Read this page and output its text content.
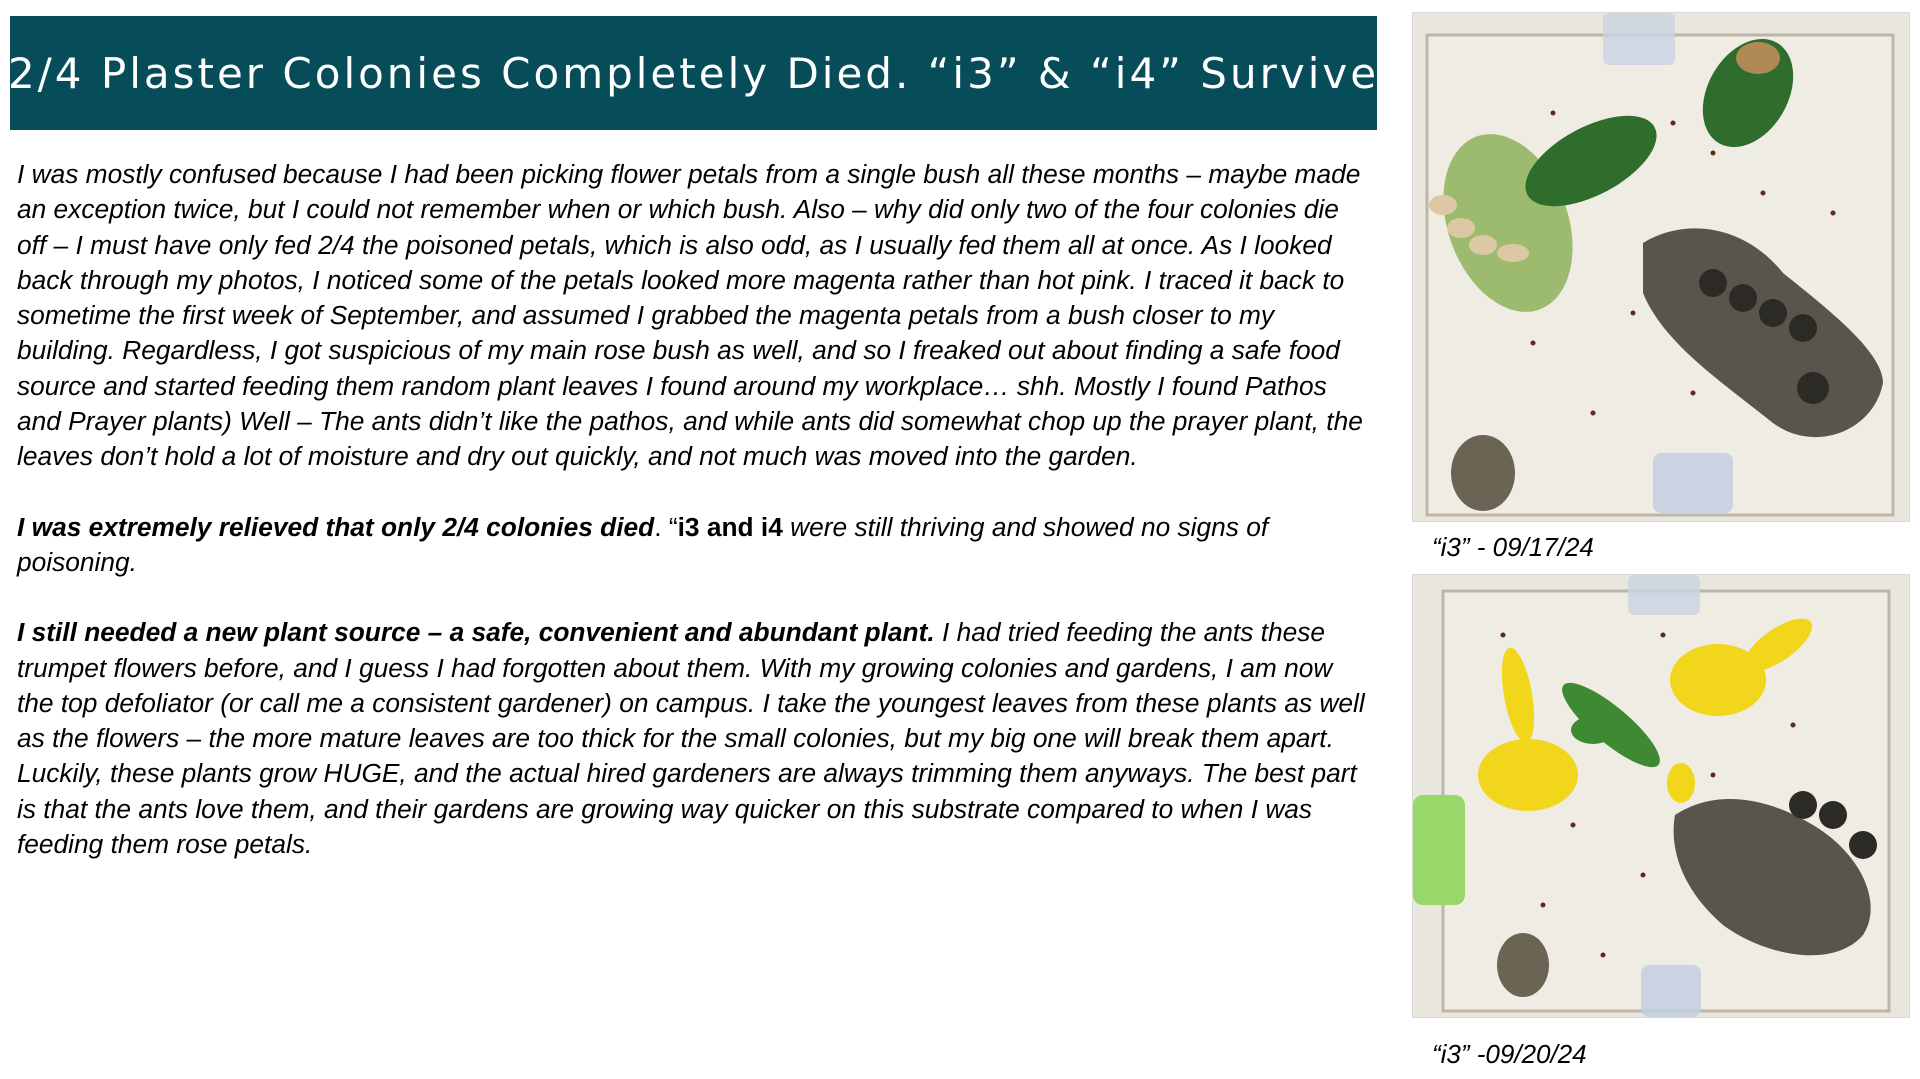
2/4 Plaster Colonies Completely Died. “i3” & “i4” Survive

I was mostly confused because I had been picking flower petals from a single bush all these months – maybe made an exception twice, but I could not remember when or which bush. Also – why did only two of the four colonies die off – I must have only fed 2/4 the poisoned petals, which is also odd, as I usually fed them all at once. As I looked back through my photos, I noticed some of the petals looked more magenta rather than hot pink. I traced it back to sometime the first week of September, and assumed I grabbed the magenta petals from a bush closer to my building. Regardless, I got suspicious of my main rose bush as well, and so I freaked out about finding a safe food source and started feeding them random plant leaves I found around my workplace… shh. Mostly I found Pathos and Prayer plants) Well – The ants didn’t like the pathos, and while ants did somewhat chop up the prayer plant, the leaves don’t hold a lot of moisture and dry out quickly, and not much was moved into the garden.

I was extremely relieved that only 2/4 colonies died. “i3 and i4 were still thriving and showed no signs of poisoning.

I still needed a new plant source – a safe, convenient and abundant plant. I had tried feeding the ants these trumpet flowers before, and I guess I had forgotten about them. With my growing colonies and gardens, I am now the top defoliator (or call me a consistent gardener) on campus. I take the youngest leaves from these plants as well as the flowers – the more mature leaves are too thick for the small colonies, but my big one will break them apart. Luckily, these plants grow HUGE, and the actual hired gardeners are always trimming them anyways. The best part is that the ants love them, and their gardens are growing way quicker on this substrate compared to when I was feeding them rose petals.

“i3” - 09/17/24
“i3” -09/20/24
